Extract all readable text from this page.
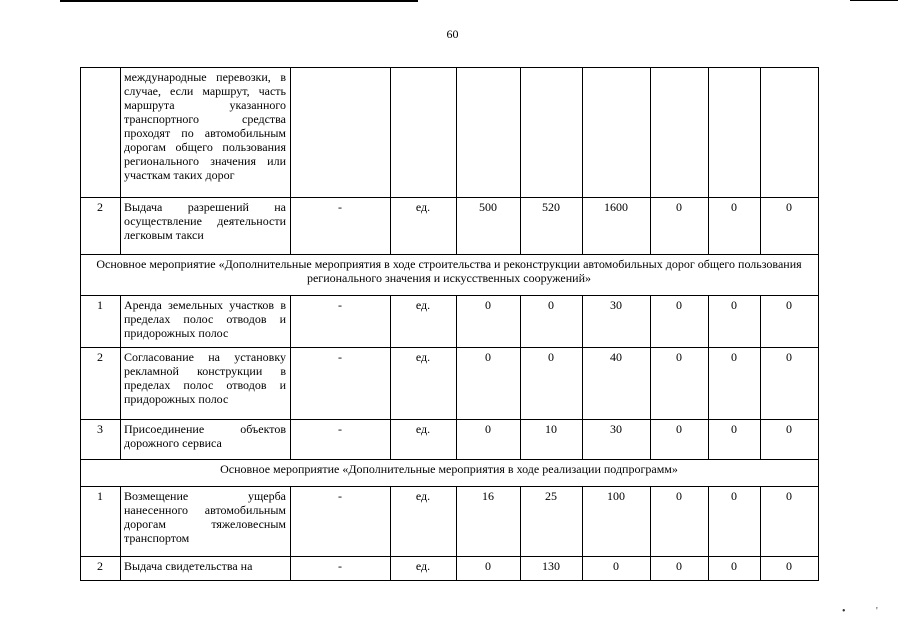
60
	международные перевозки, в случае, если маршрут, часть маршрута указанного транспортного средства проходят по автомобильным дорогам общего пользования регионального значения или участкам таких дорог								
2	Выдача разрешений на осуществление деятельности легковым такси	-	ед.	500	520	1600	0	0	0
Основное мероприятие «Дополнительные мероприятия в ходе строительства и реконструкции автомобильных дорог общего пользования регионального значения и искусственных сооружений»									
1	Аренда земельных участков в пределах полос отводов и придорожных полос	-	ед.	0	0	30	0	0	0
2	Согласование на установку рекламной конструкции в пределах полос отводов и придорожных полос	-	ед.	0	0	40	0	0	0
3	Присоединение объектов дорожного сервиса	-	ед.	0	10	30	0	0	0
Основное мероприятие «Дополнительные мероприятия в ходе реализации подпрограмм»									
1	Возмещение ущерба нанесенного автомобильным дорогам тяжеловесным транспортом	-	ед.	16	25	100	0	0	0
2	Выдача свидетельства на	-	ед.	0	130	0	0	0	0
•	'
